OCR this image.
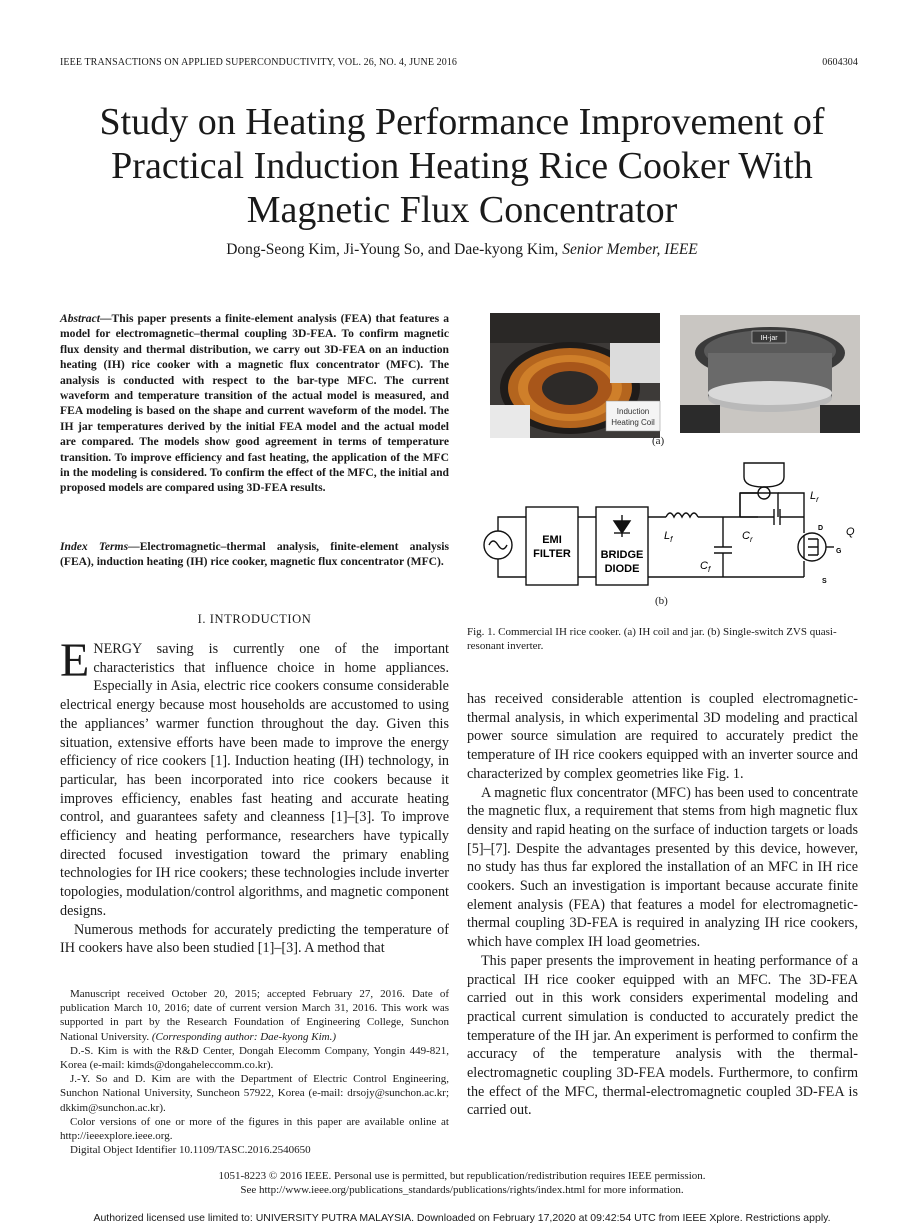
IEEE TRANSACTIONS ON APPLIED SUPERCONDUCTIVITY, VOL. 26, NO. 4, JUNE 2016	0604304
Study on Heating Performance Improvement of
Practical Induction Heating Rice Cooker With
Magnetic Flux Concentrator
Dong-Seong Kim, Ji-Young So, and Dae-kyong Kim, Senior Member, IEEE
Abstract—This paper presents a finite-element analysis (FEA) that features a model for electromagnetic–thermal coupling 3D-FEA. To confirm magnetic flux density and thermal distribution, we carry out 3D-FEA on an induction heating (IH) rice cooker with a magnetic flux concentrator (MFC). The analysis is conducted with respect to the bar-type MFC. The current waveform and temperature transition of the actual model is measured, and FEA modeling is based on the shape and current waveform of the model. The IH jar temperatures derived by the initial FEA model and the actual model are compared. The models show good agreement in terms of temperature transition. To improve efficiency and fast heating, the application of the MFC in the modeling is considered. To confirm the effect of the MFC, the initial and proposed models are compared using 3D-FEA results.
Index Terms—Electromagnetic–thermal analysis, finite-element analysis (FEA), induction heating (IH) rice cooker, magnetic flux concentrator (MFC).
I. INTRODUCTION

ENERGY saving is currently one of the important characteristics that influence choice in home appliances. Especially in Asia, electric rice cookers consume considerable electrical energy because most households are accustomed to using the appliances’ warmer function throughout the day. Given this situation, extensive efforts have been made to improve the energy efficiency of rice cookers [1]. Induction heating (IH) technology, in particular, has been incorporated into rice cookers because it improves efficiency, enables fast heating and accurate heating control, and guarantees safety and cleanness [1]–[3]. To improve efficiency and heating performance, researchers have typically directed focused investigation toward the primary enabling technologies for IH rice cookers; these technologies include inverter topologies, modulation/control algorithms, and magnetic component designs.

Numerous methods for accurately predicting the temperature of IH cookers have also been studied [1]–[3]. A method that

Manuscript received October 20, 2015; accepted February 27, 2016. Date of publication March 10, 2016; date of current version March 31, 2016. This work was supported in part by the Research Foundation of Engineering College, Sunchon National University. (Corresponding author: Dae-kyong Kim.)

D.-S. Kim is with the R&D Center, Dongah Elecomm Company, Yongin 449-821, Korea (e-mail: kimds@dongaheleccomm.co.kr).

J.-Y. So and D. Kim are with the Department of Electric Control Engineering, Sunchon National University, Suncheon 57922, Korea (e-mail: drsojy@sunchon.ac.kr; dkkim@sunchon.ac.kr).

Color versions of one or more of the figures in this paper are available online at http://ieeexplore.ieee.org.

Digital Object Identifier 10.1109/TASC.2016.2540650

Induction
Heating Coil
IH-jar
(a)
EMI
FILTER	BRIDGE
DIODE
$L_f$
$C_f$
$C_r$
$L_r$
Q
D
G
S
(b)
Fig. 1. Commercial IH rice cooker. (a) IH coil and jar. (b) Single-switch ZVS quasi-resonant inverter.

has received considerable attention is coupled electromagnetic-thermal analysis, in which experimental 3D modeling and practical power source simulation are required to accurately predict the temperature of IH rice cookers equipped with an inverter source and characterized by complex geometries like Fig. 1.

A magnetic flux concentrator (MFC) has been used to concentrate the magnetic flux, a requirement that stems from high magnetic flux density and rapid heating on the surface of induction targets or loads [5]–[7]. Despite the advantages presented by this device, however, no study has thus far explored the installation of an MFC in IH rice cookers. Such an investigation is important because accurate finite element analysis (FEA) that features a model for electromagnetic- thermal coupling 3D-FEA is required in analyzing IH rice cookers, which have complex IH load geometries.

This paper presents the improvement in heating performance of a practical IH rice cooker equipped with an MFC. The 3D-FEA carried out in this work considers experimental modeling and practical current simulation is conducted to accurately predict the temperature of the IH jar. An experiment is performed to confirm the accuracy of the temperature analysis with the thermal-electromagnetic coupling 3D-FEA models. Furthermore, to confirm the effect of the MFC, thermal-electromagnetic coupled 3D-FEA is carried out.

1051-8223 © 2016 IEEE. Personal use is permitted, but republication/redistribution requires IEEE permission.
See http://www.ieee.org/publications_standards/publications/rights/index.html for more information.
Authorized licensed use limited to: UNIVERSITY PUTRA MALAYSIA. Downloaded on February 17,2020 at 09:42:54 UTC from IEEE Xplore. Restrictions apply.
